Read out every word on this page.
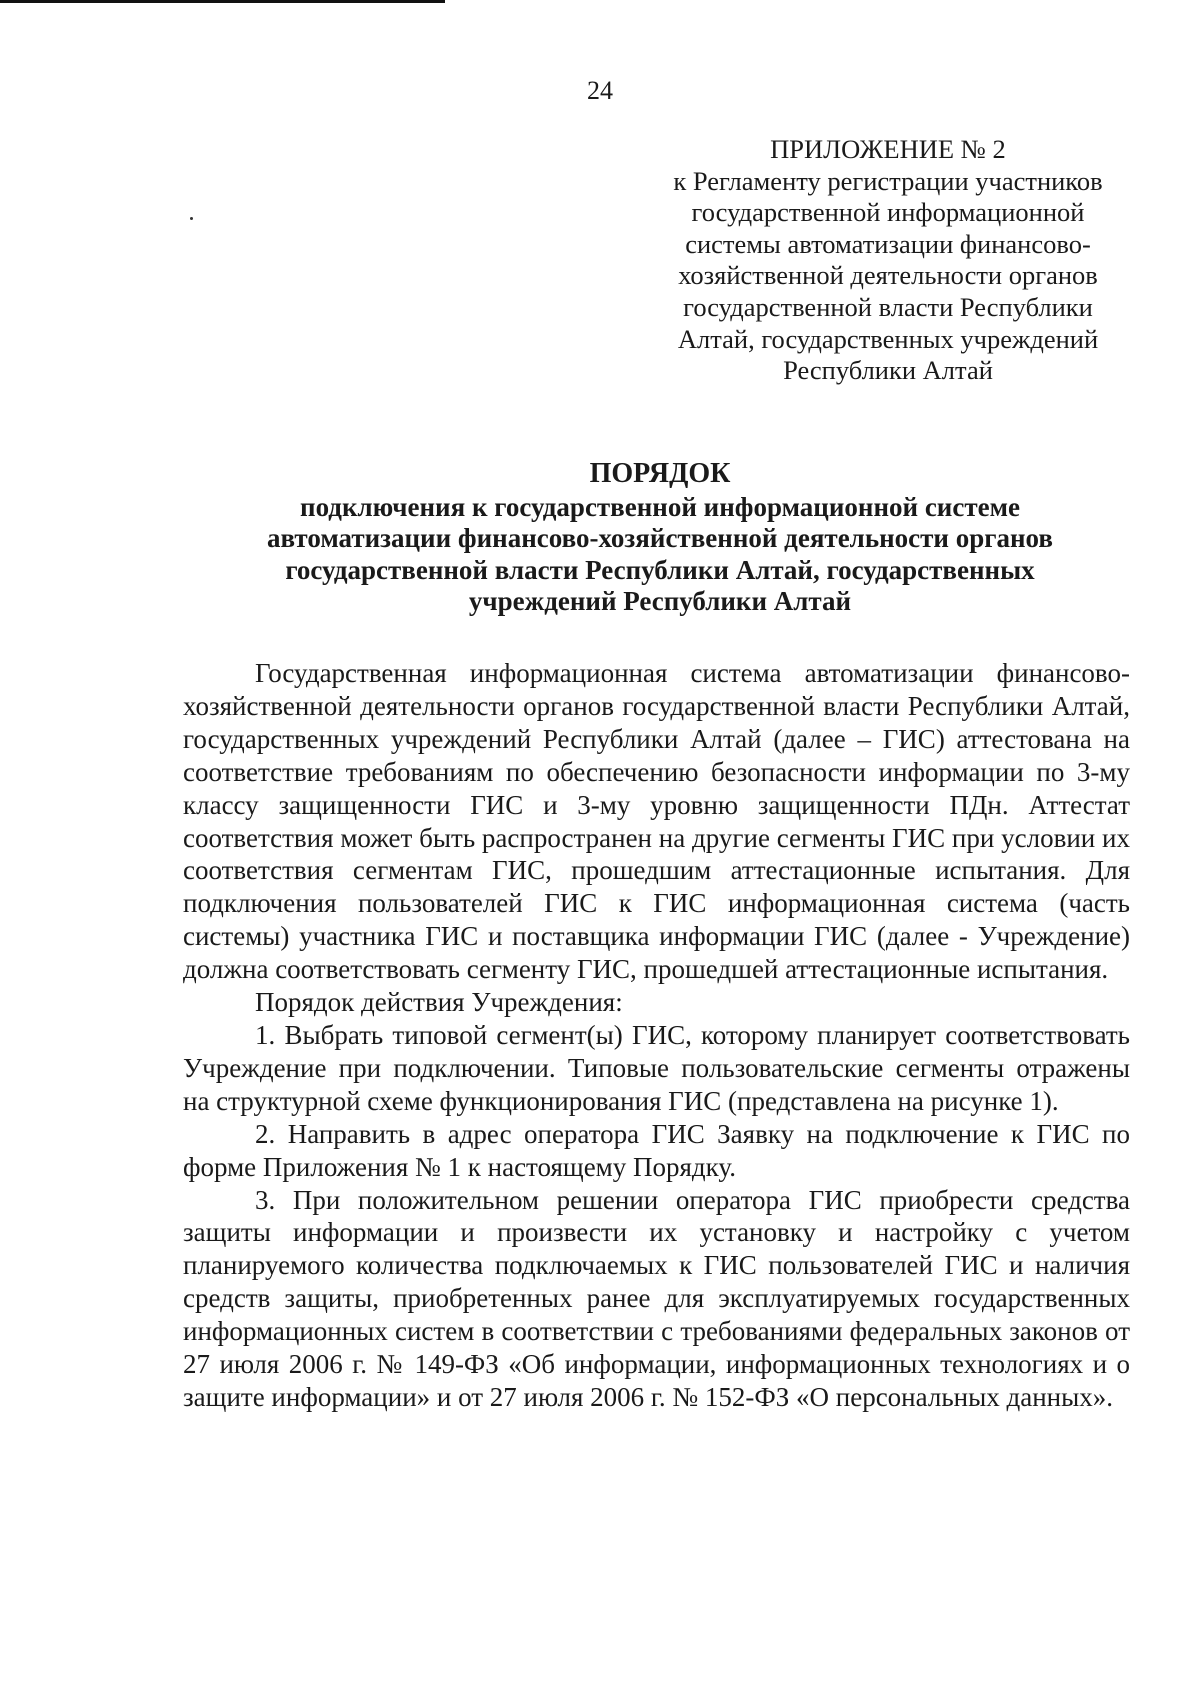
24
ПРИЛОЖЕНИЕ № 2
к Регламенту регистрации участников
государственной информационной
системы автоматизации финансово-
хозяйственной деятельности органов
государственной власти Республики
Алтай, государственных учреждений
Республики Алтай
ПОРЯДОК
подключения к государственной информационной системе
автоматизации финансово-хозяйственной деятельности органов
государственной власти Республики Алтай, государственных
учреждений Республики Алтай

Государственная информационная система автоматизации финансово-хозяйственной деятельности органов государственной власти Республики Алтай, государственных учреждений Республики Алтай (далее – ГИС) аттестована на соответствие требованиям по обеспечению безопасности информации по 3-му классу защищенности ГИС и 3-му уровню защищенности ПДн. Аттестат соответствия может быть распространен на другие сегменты ГИС при условии их соответствия сегментам ГИС, прошедшим аттестационные испытания. Для подключения пользователей ГИС к ГИС информационная система (часть системы) участника ГИС и поставщика информации ГИС (далее - Учреждение) должна соответствовать сегменту ГИС, прошедшей аттестационные испытания.

Порядок действия Учреждения:

1. Выбрать типовой сегмент(ы) ГИС, которому планирует соответствовать Учреждение при подключении. Типовые пользовательские сегменты отражены на структурной схеме функционирования ГИС (представлена на рисунке 1).

2. Направить в адрес оператора ГИС Заявку на подключение к ГИС по форме Приложения № 1 к настоящему Порядку.

3. При положительном решении оператора ГИС приобрести средства защиты информации и произвести их установку и настройку с учетом планируемого количества подключаемых к ГИС пользователей ГИС и наличия средств защиты, приобретенных ранее для эксплуатируемых государственных информационных систем в соответствии с требованиями федеральных законов от 27 июля 2006 г. № 149-ФЗ «Об информации, информационных технологиях и о защите информации» и от 27 июля 2006 г. № 152-ФЗ «О персональных данных».
